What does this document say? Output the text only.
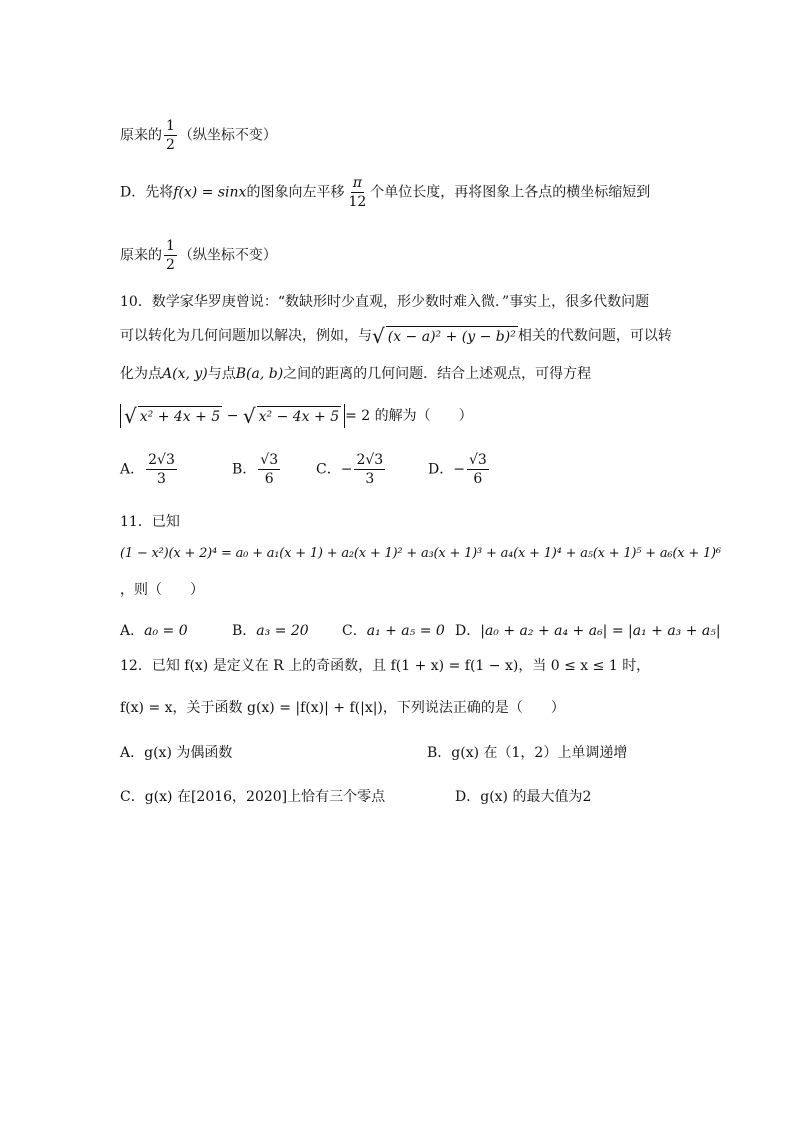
原来的 $\frac{1}{2}$ （纵坐标不变）
D．先将f(x) = sinx的图象向左平移 $\frac{\pi}{12}$ 个单位长度，再将图象上各点的横坐标缩短到
原来的 $\frac{1}{2}$ （纵坐标不变）
10．数学家华罗庚曾说：“数缺形时少直观，形少数时难入微．”事实上，很多代数问题
可以转化为几何问题加以解决，例如，与 √ (x − a)² + (y − b)² 相关的代数问题，可以转
化为点A(x, y)与点B(a, b)之间的距离的几何问题．结合上述观点，可得方程
√ x² + 4x + 5 − √ x² − 4x + 5 = 2 的解为（　　）
A． $\frac{2√3}{3}$	B． $\frac{√3}{6}$	C．− $\frac{2√3}{3}$	D．− $\frac{√3}{6}$
11．已知
(1 − x²)(x + 2)⁴ = a₀ + a₁(x + 1) + a₂(x + 1)² + a₃(x + 1)³ + a₄(x + 1)⁴ + a₅(x + 1)⁵ + a₆(x + 1)⁶
，则（　　）
A．a₀ = 0	B．a₃ = 20 C．a₁ + a₅ = 0 D．|a₀ + a₂ + a₄ + a₆| = |a₁ + a₃ + a₅|
12．已知 f(x) 是定义在 R 上的奇函数，且 f(1 + x) = f(1 − x)，当 0 ≤ x ≤ 1 时，
f(x) = x，关于函数 g(x) = |f(x)| + f(|x|)，下列说法正确的是（　　）
A．g(x) 为偶函数	B．g(x) 在（1，2）上单调递增
C．g(x) 在[2016，2020]上恰有三个零点	D．g(x) 的最大值为2
